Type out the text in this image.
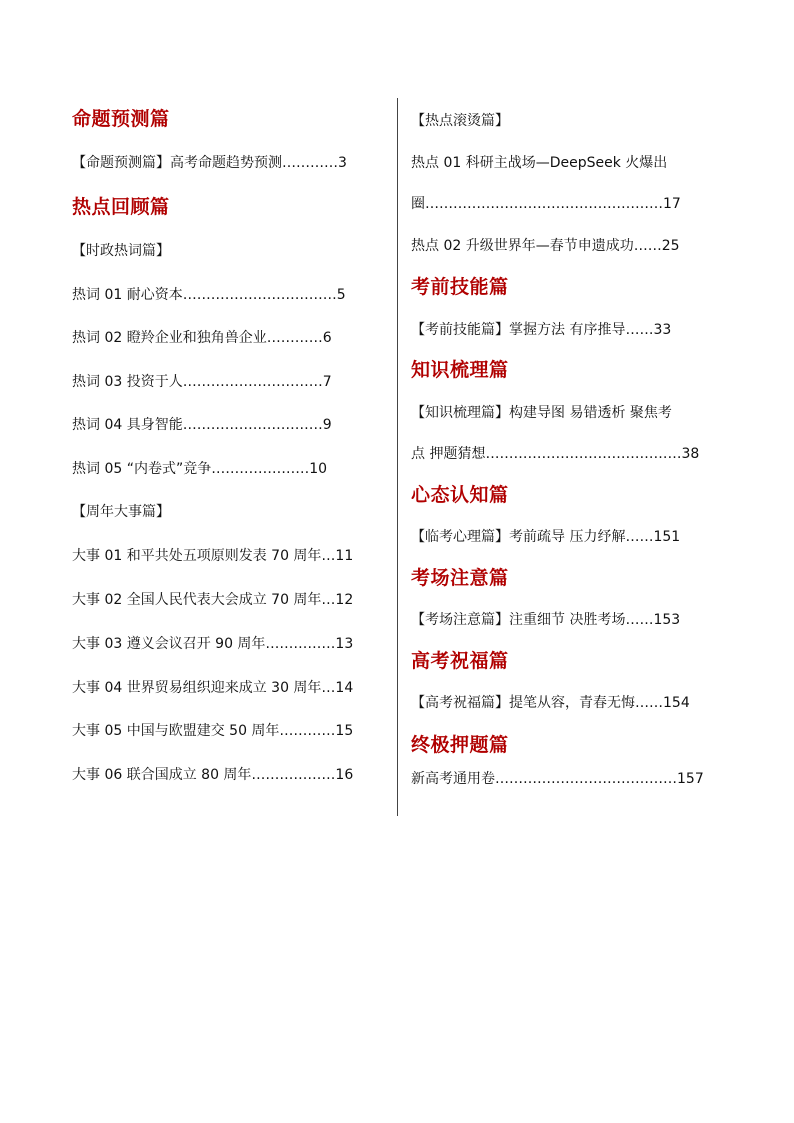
命题预测篇
【命题预测篇】高考命题趋势预测…………3
热点回顾篇
【时政热词篇】
热词 01 耐心资本……………………………5
热词 02 瞪羚企业和独角兽企业…………6
热词 03 投资于人…………………………7
热词 04 具身智能…………………………9
热词 05 “内卷式”竞争…………………10
【周年大事篇】
大事 01 和平共处五项原则发表 70 周年…11
大事 02 全国人民代表大会成立 70 周年…12
大事 03 遵义会议召开 90 周年……………13
大事 04 世界贸易组织迎来成立 30 周年…14
大事 05 中国与欧盟建交 50 周年…………15
大事 06 联合国成立 80 周年………………16
【热点滚烫篇】
热点 01 科研主战场—DeepSeek 火爆出
圈……………………………………………17
热点 02 升级世界年—春节申遗成功……25
考前技能篇
【考前技能篇】掌握方法 有序推导……33
知识梳理篇
【知识梳理篇】构建导图 易错透析 聚焦考
点 押题猜想……………………………………38
心态认知篇
【临考心理篇】考前疏导 压力纾解……151
考场注意篇
【考场注意篇】注重细节 决胜考场……153
高考祝福篇
【高考祝福篇】提笔从容，青春无悔……154
终极押题篇
新高考通用卷…………………………………157
